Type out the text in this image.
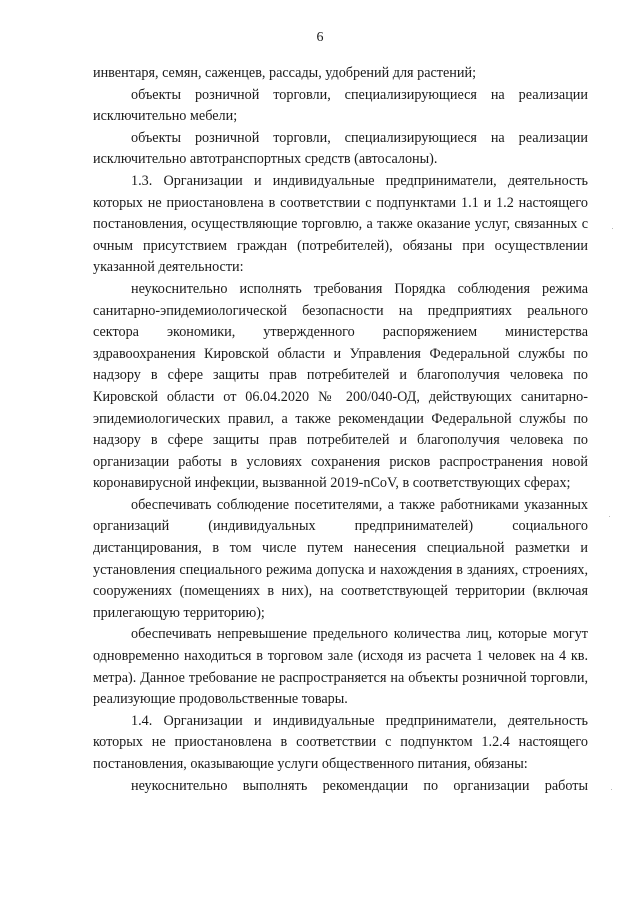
6

инвентаря, семян, саженцев, рассады, удобрений для растений;

объекты розничной торговли, специализирующиеся на реализации исключительно мебели;

объекты розничной торговли, специализирующиеся на реализации исключительно автотранспортных средств (автосалоны).

1.3. Организации и индивидуальные предприниматели, деятельность которых не приостановлена в соответствии с подпунктами 1.1 и 1.2 настоящего постановления, осуществляющие торговлю, а также оказание услуг, связанных с очным присутствием граждан (потребителей), обязаны при осуществлении указанной деятельности:

неукоснительно исполнять требования Порядка соблюдения режима санитарно-эпидемиологической безопасности на предприятиях реального сектора экономики, утвержденного распоряжением министерства здравоохранения Кировской области и Управления Федеральной службы по надзору в сфере защиты прав потребителей и благополучия человека по Кировской области от 06.04.2020 № 200/040-ОД, действующих санитарно-эпидемиологических правил, а также рекомендации Федеральной службы по надзору в сфере защиты прав потребителей и благополучия человека по организации работы в условиях сохранения рисков распространения новой коронавирусной инфекции, вызванной 2019-nCoV, в соответствующих сферах;

обеспечивать соблюдение посетителями, а также работниками указанных организаций (индивидуальных предпринимателей) социального дистанцирования, в том числе путем нанесения специальной разметки и установления специального режима допуска и нахождения в зданиях, строениях, сооружениях (помещениях в них), на соответствующей территории (включая прилегающую территорию);

обеспечивать непревышение предельного количества лиц, которые могут одновременно находиться в торговом зале (исходя из расчета 1 человек на 4 кв. метра). Данное требование не распространяется на объекты розничной торговли, реализующие продовольственные товары.

1.4. Организации и индивидуальные предприниматели, деятельность которых не приостановлена в соответствии с подпунктом 1.2.4 настоящего постановления, оказывающие услуги общественного питания, обязаны:

неукоснительно выполнять рекомендации по организации работы
